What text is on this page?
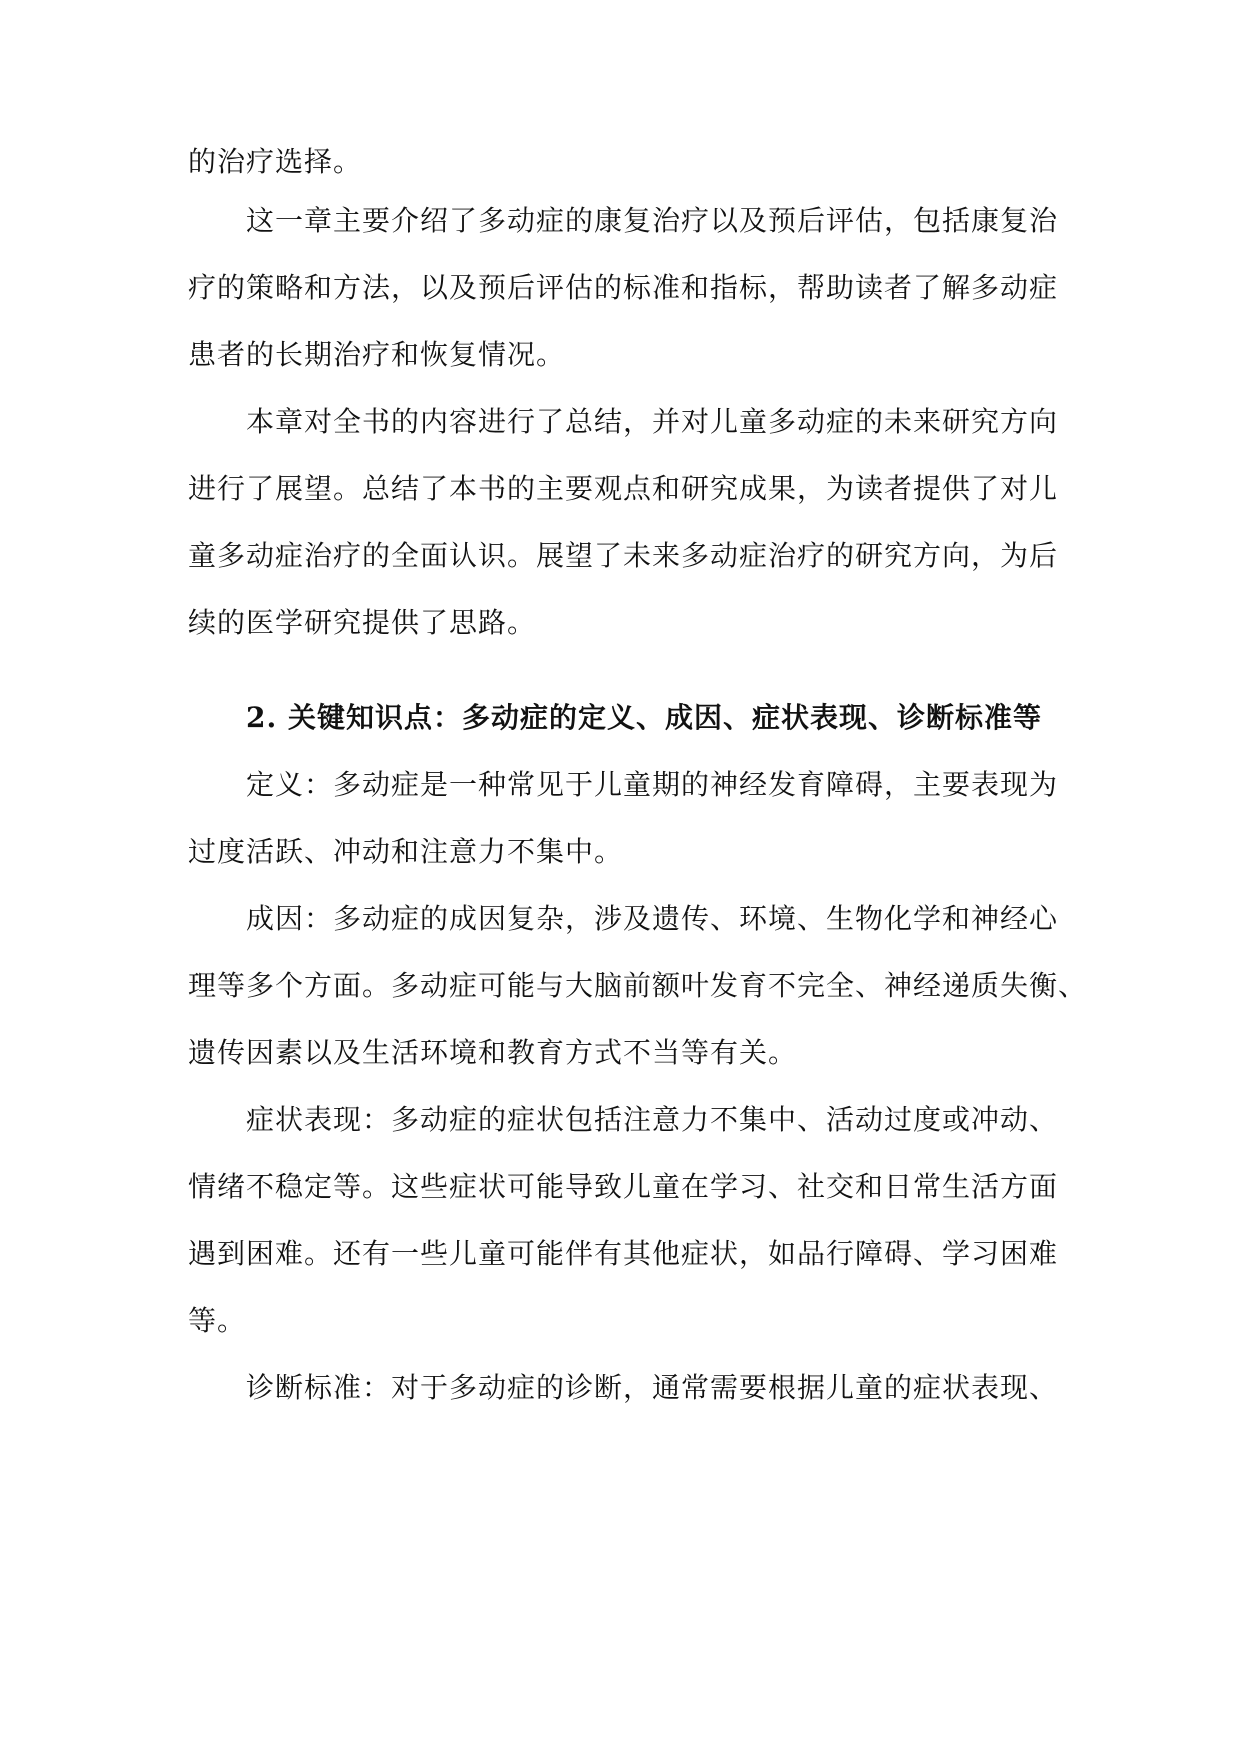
的治疗选择。
这一章主要介绍了多动症的康复治疗以及预后评估，包括康复治
疗的策略和方法，以及预后评估的标准和指标，帮助读者了解多动症
患者的长期治疗和恢复情况。
本章对全书的内容进行了总结，并对儿童多动症的未来研究方向
进行了展望。总结了本书的主要观点和研究成果，为读者提供了对儿
童多动症治疗的全面认识。展望了未来多动症治疗的研究方向，为后
续的医学研究提供了思路。
2. 关键知识点：多动症的定义、成因、症状表现、诊断标准等
定义：多动症是一种常见于儿童期的神经发育障碍，主要表现为
过度活跃、冲动和注意力不集中。
成因：多动症的成因复杂，涉及遗传、环境、生物化学和神经心
理等多个方面。多动症可能与大脑前额叶发育不完全、神经递质失衡、
遗传因素以及生活环境和教育方式不当等有关。
症状表现：多动症的症状包括注意力不集中、活动过度或冲动、
情绪不稳定等。这些症状可能导致儿童在学习、社交和日常生活方面
遇到困难。还有一些儿童可能伴有其他症状，如品行障碍、学习困难
等。
诊断标准：对于多动症的诊断，通常需要根据儿童的症状表现、
